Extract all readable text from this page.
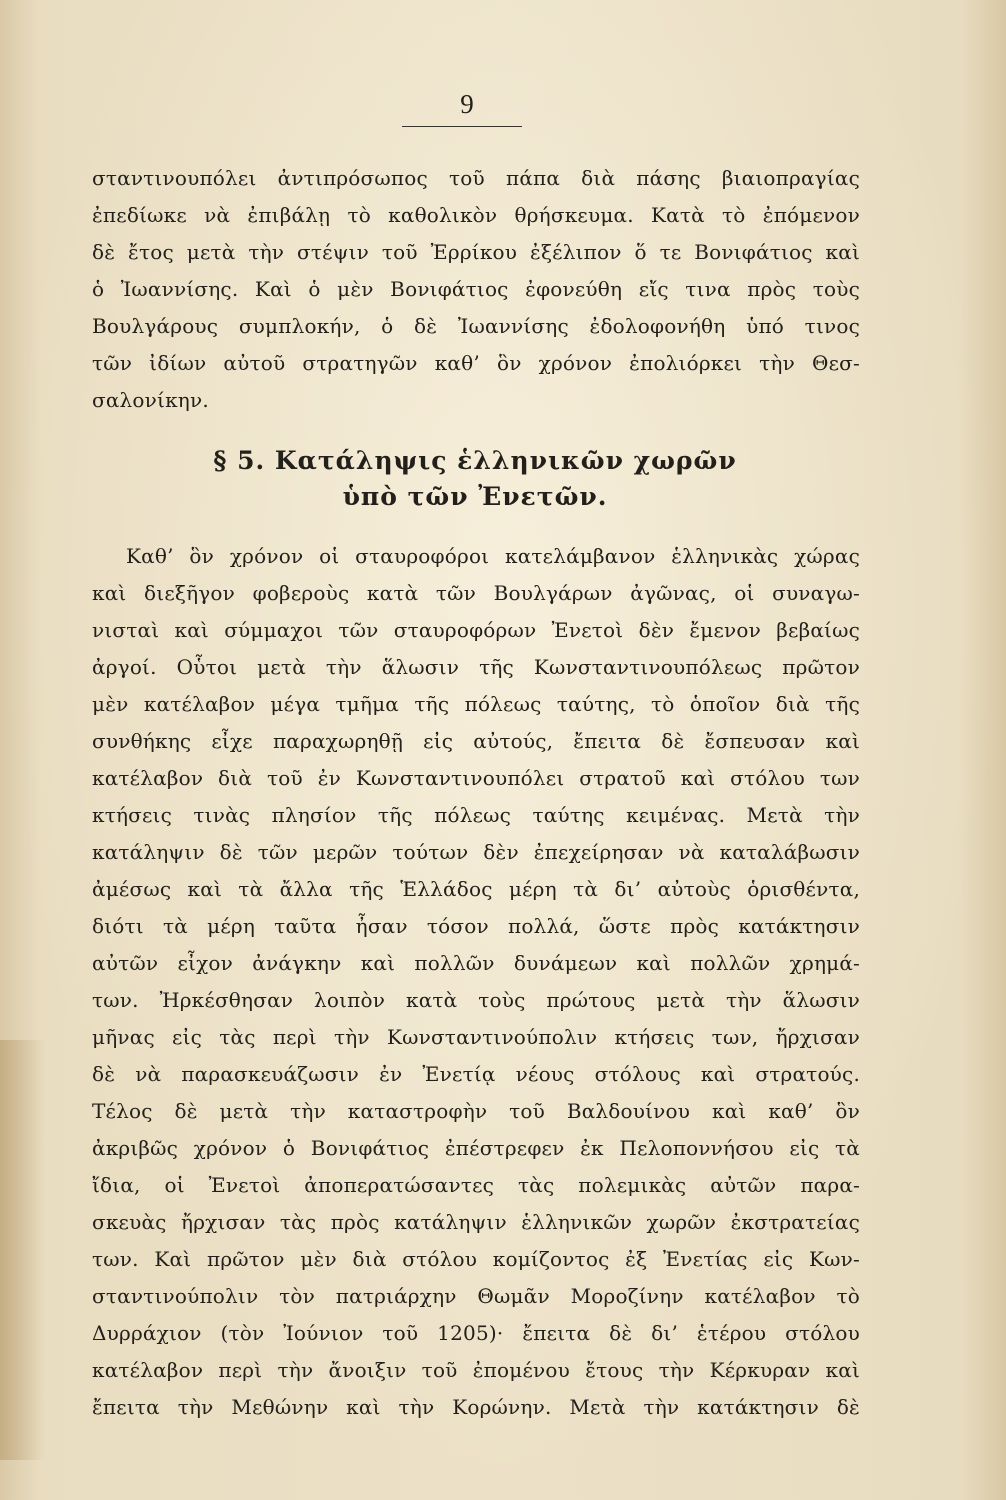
9
σταντινουπόλει ἀντιπρόσωπος τοῦ πάπα διὰ πάσης βιαιοπραγίας
ἐπεδίωκε νὰ ἐπιβάλῃ τὸ καθολικὸν θρήσκευμα. Κατὰ τὸ ἐπόμενον
δὲ ἔτος μετὰ τὴν στέψιν τοῦ Ἐρρίκου ἐξέλιπον ὅ τε Βονιφάτιος καὶ
ὁ Ἰωαννίσης. Καὶ ὁ μὲν Βονιφάτιος ἐφονεύθη εἴς τινα πρὸς τοὺς
Βουλγάρους συμπλοκήν, ὁ δὲ Ἰωαννίσης ἐδολοφονήθη ὑπό τινος
τῶν ἰδίων αὐτοῦ στρατηγῶν καθ’ ὃν χρόνον ἐπολιόρκει τὴν Θεσ-
σαλονίκην.
§ 5. Κατάληψις ἑλληνικῶν χωρῶν
ὑπὸ τῶν Ἐνετῶν.
Καθ’ ὃν χρόνον οἱ σταυροφόροι κατελάμβανον ἑλληνικὰς χώρας
καὶ διεξῆγον φοβεροὺς κατὰ τῶν Βουλγάρων ἀγῶνας, οἱ συναγω-
νισταὶ καὶ σύμμαχοι τῶν σταυροφόρων Ἐνετοὶ δὲν ἔμενον βεβαίως
ἀργοί. Οὗτοι μετὰ τὴν ἅλωσιν τῆς Κωνσταντινουπόλεως πρῶτον
μὲν κατέλαβον μέγα τμῆμα τῆς πόλεως ταύτης, τὸ ὁποῖον διὰ τῆς
συνθήκης εἶχε παραχωρηθῇ εἰς αὐτούς, ἔπειτα δὲ ἔσπευσαν καὶ
κατέλαβον διὰ τοῦ ἐν Κωνσταντινουπόλει στρατοῦ καὶ στόλου των
κτήσεις τινὰς πλησίον τῆς πόλεως ταύτης κειμένας. Μετὰ τὴν
κατάληψιν δὲ τῶν μερῶν τούτων δὲν ἐπεχείρησαν νὰ καταλάβωσιν
ἀμέσως καὶ τὰ ἄλλα τῆς Ἑλλάδος μέρη τὰ δι’ αὐτοὺς ὁρισθέντα,
διότι τὰ μέρη ταῦτα ἦσαν τόσον πολλά, ὥστε πρὸς κατάκτησιν
αὐτῶν εἶχον ἀνάγκην καὶ πολλῶν δυνάμεων καὶ πολλῶν χρημά-
των. Ἠρκέσθησαν λοιπὸν κατὰ τοὺς πρώτους μετὰ τὴν ἅλωσιν
μῆνας εἰς τὰς περὶ τὴν Κωνσταντινούπολιν κτήσεις των, ἤρχισαν
δὲ νὰ παρασκευάζωσιν ἐν Ἐνετίᾳ νέους στόλους καὶ στρατούς.
Τέλος δὲ μετὰ τὴν καταστροφὴν τοῦ Βαλδουίνου καὶ καθ’ ὃν
ἀκριβῶς χρόνον ὁ Βονιφάτιος ἐπέστρεφεν ἐκ Πελοποννήσου εἰς τὰ
ἴδια, οἱ Ἐνετοὶ ἀποπερατώσαντες τὰς πολεμικὰς αὐτῶν παρα-
σκευὰς ἤρχισαν τὰς πρὸς κατάληψιν ἑλληνικῶν χωρῶν ἐκστρατείας
των. Καὶ πρῶτον μὲν διὰ στόλου κομίζοντος ἐξ Ἐνετίας εἰς Κων-
σταντινούπολιν τὸν πατριάρχην Θωμᾶν Μοροζίνην κατέλαβον τὸ
Δυρράχιον (τὸν Ἰούνιον τοῦ 1205)· ἔπειτα δὲ δι’ ἑτέρου στόλου
κατέλαβον περὶ τὴν ἄνοιξιν τοῦ ἐπομένου ἔτους τὴν Κέρκυραν καὶ
ἔπειτα τὴν Μεθώνην καὶ τὴν Κορώνην. Μετὰ τὴν κατάκτησιν δὲ
